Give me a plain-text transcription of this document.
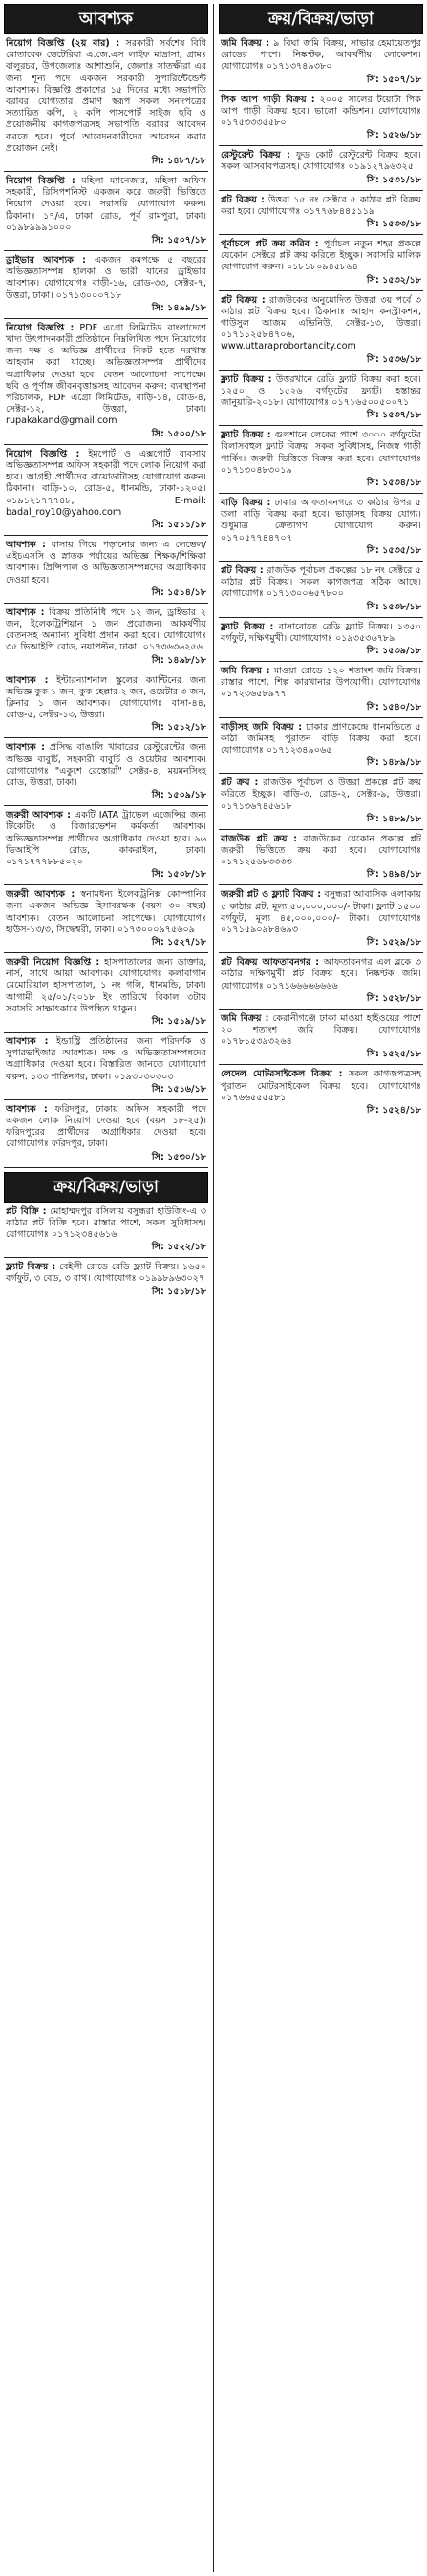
আবশ্যক
নিয়োগ বিজ্ঞপ্তি (২য় বার) : সরকারী সর্বশেষ বিধি মোতাবেক ভেটেরিয়া এ.জে.এস লাইফ মাদ্রাসা, গ্রামঃ বালুরচর, উপজেলাঃ আশাশুনি, জেলাঃ সাতক্ষীরা এর জন্য শূন্য পদে একজন সরকারী সুপারিন্টেন্ডেন্ট আবশ্যক। বিজ্ঞপ্তি প্রকাশের ১৫ দিনের মধ্যে সভাপতি বরাবর যোগ্যতার প্রমাণ স্বরূপ সকল সনদপত্রের সত্যায়িত কপি, ২ কপি পাসপোর্ট সাইজ ছবি ও প্রয়োজনীয় কাগজপত্রসহ সভাপতি বরাবর আবেদন করতে হবে। পূর্বে আবেদনকারীদের আবেদন করার প্রয়োজন নেই।
সি: ১৪৮৭/১৮
নিয়োগ বিজ্ঞপ্তি : মহিলা ম্যানেজার, মহিলা অফিস সহকারী, রিসিপশনিস্ট একজন করে জরুরী ভিত্তিতে নিয়োগ দেওয়া হবে। সরাসরি যোগাযোগ করুন। ঠিকানাঃ ১৭/এ, ঢাকা রোড, পূর্ব রামপুরা, ঢাকা। ০১৯৮৯৯৯১০০০
সি: ১৫০৭/১৮
ড্রাইভার আবশ্যক : একজন কমপক্ষে ৫ বছরের অভিজ্ঞতাসম্পন্ন হালকা ও ভারী যানের ড্রাইভার আবশ্যক। যোগাযোগঃ বাড়ী-১৬, রোড-৩৩, সেক্টর-৭, উত্তরা, ঢাকা। ০১৭১৩০০০৭১৮
সি: ১৪৯৯/১৮
নিয়োগ বিজ্ঞপ্তি : PDF এগ্রো লিমিটেড বাংলাদেশে খাদ্য উৎপাদনকারী প্রতিষ্ঠানে নিম্নলিখিত পদে নিয়োগের জন্য দক্ষ ও অভিজ্ঞ প্রার্থীদের নিকট হতে দরখাস্ত আহবান করা যাচ্ছে। অভিজ্ঞতাসম্পন্ন প্রার্থীদের অগ্রাধিকার দেওয়া হবে। বেতন আলোচনা সাপেক্ষে। ছবি ও পূর্ণাঙ্গ জীবনবৃত্তান্তসহ আবেদন করুন: ব্যবস্থাপনা পরিচালক, PDF এগ্রো লিমিটেড, বাড়ি-১৪, রোড-৪, সেক্টর-১২, উত্তরা, ঢাকা। rupakakand@gmail.com
সি: ১৫০০/১৮
নিয়োগ বিজ্ঞপ্তি : ইমপোর্ট ও এক্সপোর্ট ব্যবসায় অভিজ্ঞতাসম্পন্ন অফিস সহকারী পদে লোক নিয়োগ করা হবে। আগ্রহী প্রার্থীদের বায়োডাটাসহ যোগাযোগ করুন। ঠিকানাঃ বাড়ি-১০, রোড-৫, ধানমন্ডি, ঢাকা-১২০৫। ০১৯১২১৭৭৭৪৮, E-mail: badal_roy10@yahoo.com
সি: ১৫১১/১৮
আবশ্যক : বাসায় গিয়ে পড়ানোর জন্য এ লেভেল/এইচএসসি ও স্নাতক পর্যায়ের অভিজ্ঞ শিক্ষক/শিক্ষিকা আবশ্যক। প্রিন্সিপাল ও অভিজ্ঞতাসম্পন্নদের অগ্রাধিকার দেওয়া হবে।
সি: ১৫১৪/১৮
আবশ্যক : বিক্রয় প্রতিনিধি পদে ১২ জন, ড্রাইভার ২ জন, ইলেকট্রিশিয়ান ১ জন প্রয়োজন। আকর্ষণীয় বেতনসহ অন্যান্য সুবিধা প্রদান করা হবে। যোগাযোগঃ ৩৫ ভিআইপি রোড, নয়াপল্টন, ঢাকা। ০১৭৩৬৩৬২৫৬
সি: ১৪৯৮/১৮
আবশ্যক : ইন্টারন্যাশনাল স্কুলের ক্যান্টিনের জন্য অভিজ্ঞ কুক ১ জন, কুক হেল্পার ২ জন, ওয়েটার ৩ জন, ক্লিনার ১ জন আবশ্যক। যোগাযোগঃ বাসা-৪৪, রোড-৫, সেক্টর-১৩, উত্তরা।
সি: ১৫১২/১৮
আবশ্যক : প্রসিদ্ধ বাঙালি খাবারের রেস্টুরেন্টের জন্য অভিজ্ঞ বাবুর্চি, সহকারী বাবুর্চি ও ওয়েটার আবশ্যক। যোগাযোগঃ "একুশে রেস্তোরাঁ" সেক্টর-৪, ময়মনসিংহ রোড, উত্তরা, ঢাকা।
সি: ১৫০৯/১৮
জরুরী আবশ্যক : একটি IATA ট্রাভেল এজেন্সির জন্য টিকেটিং ও রিজারভেশন কর্মকর্তা আবশ্যক। অভিজ্ঞতাসম্পন্ন প্রার্থীদের অগ্রাধিকার দেওয়া হবে। ৯৬ ভিআইপি রোড, কাকরাইল, ঢাকা। ০১৭১৭৭৭৮৮৫০২০
সি: ১৫০৮/১৮
জরুরী আবশ্যক : স্বনামধন্য ইলেকট্রনিক্স কোম্পানির জন্য একজন অভিজ্ঞ হিসাবরক্ষক (বয়স ৩০ বছর) আবশ্যক। বেতন আলোচনা সাপেক্ষে। যোগাযোগঃ হাউস-১৩/৩, সিদ্ধেশ্বরী, ঢাকা। ০১৭৩০০০৯৭৫৬০৯
সি: ১৫২৭/১৮
জরুরী নিয়োগ বিজ্ঞপ্তি : হাসপাতালের জন্য ডাক্তার, নার্স, সাথে আয়া আবশ্যক। যোগাযোগঃ কলাবাগান মেমোরিয়াল হাসপাতাল, ১ নং গলি, ধানমন্ডি, ঢাকা। আগামী ২৫/০১/২০১৮ ইং তারিখে বিকাল ৩টায় সরাসরি সাক্ষাৎকারে উপস্থিত থাকুন।
সি: ১৫১৯/১৮
আবশ্যক : ইন্ডাস্ট্রি প্রতিষ্ঠানের জন্য পরিদর্শক ও সুপারভাইজার আবশ্যক। দক্ষ ও অভিজ্ঞতাসম্পন্নদের অগ্রাধিকার দেওয়া হবে। বিস্তারিত জানতে যোগাযোগ করুন: ১৩৩ শান্তিনগর, ঢাকা। ০১৯৩০৩০৩০৩
সি: ১৫১৬/১৮
আবশ্যক : ফরিদপুর, ঢাকায় অফিস সহকারী পদে একজন লোক নিয়োগ দেওয়া হবে (বয়স ১৮-২৫)। ফরিদপুরের প্রার্থীদের অগ্রাধিকার দেওয়া হবে। যোগাযোগঃ ফরিদপুর, ঢাকা।
সি: ১৫৩০/১৮
ক্রয়/বিক্রয়/ভাড়া
প্লট বিক্রি : মোহাম্মদপুর বসিলায় বসুন্ধরা হাউজিং-এ ৩ কাঠার প্লট বিক্রি হবে। রাস্তার পাশে, সকল সুবিধাসহ। যোগাযোগঃ ০১৭১২৩৪৫৬১৬
সি: ১৫২২/১৮
ফ্ল্যাট বিক্রয় : বেইলী রোডে রেডি ফ্ল্যাট বিক্রয়। ১৬৫০ বর্গফুট, ৩ বেড, ৩ বাথ। যোগাযোগঃ ০১৯৯৮৯৬৩০২৭
সি: ১৫১৮/১৮
ক্রয়/বিক্রয়/ভাড়া
জমি বিক্রয় : ৯ বিঘা জমি বিক্রয়, সাভার হেমায়েতপুর রোডের পাশে। নিষ্কণ্টক, আকর্ষণীয় লোকেশন। যোগাযোগঃ ০১৭১৩৭৪৯৩৮০
সি: ১৫০৭/১৮
পিক আপ গাড়ী বিক্রয় : ২০০৫ সালের টয়োটা পিক আপ গাড়ী বিক্রয় হবে। ভালো কন্ডিশন। যোগাযোগঃ ০১৭৫৩৩৩৫৫৮০
সি: ১৫২৬/১৮
রেস্টুরেন্ট বিক্রয় : ফুড কোর্ট রেস্টুরেন্ট বিক্রয় হবে। সকল আসবাবপত্রসহ। যোগাযোগঃ ০১৯১২৭৯৬৩২৫
সি: ১৫৩১/১৮
প্লট বিক্রয় : উত্তরা ১৫ নং সেক্টরে ৫ কাঠার প্লট বিক্রয় করা হবে। যোগাযোগঃ ০১৭৭৬৮৪৪৫১১৯
সি: ১৫৩৩/১৮
পূর্বাচলে প্লট ক্রয় করিব : পূর্বাচল নতুন শহর প্রকল্পে যেকোন সেক্টরে প্লট ক্রয় করিতে ইচ্ছুক। সরাসরি মালিক যোগাযোগ করুন। ০১৮১৮০৯৪৫৮৬৪
সি: ১৫৩২/১৮
প্লট বিক্রয় : রাজউকের অনুমোদিত উত্তরা ৩য় পর্বে ৩ কাঠার প্লট বিক্রয় হবে। ঠিকানাঃ আহাদ কনস্ট্রাকশন, গাউসুল আজম এভিনিউ, সেক্টর-১৩, উত্তরা। ০১৭১১২৫৮৪৭০৬, www.uttaraprobortancity.com
সি: ১৫৩৬/১৮
ফ্ল্যাট বিক্রয় : উত্তরখানে রেডি ফ্ল্যাট বিক্রয় করা হবে। ১২৫০ ও ১৫২৬ বর্গফুটের ফ্ল্যাট। হস্তান্তর জানুয়ারি-২০১৮। যোগাযোগঃ ০১৭১৬৫০০৫০০৭১
সি: ১৫৩৭/১৮
ফ্ল্যাট বিক্রয় : গুলশানে লেকের পাশে ৩০০০ বর্গফুটের বিলাসবহুল ফ্ল্যাট বিক্রয়। সকল সুবিধাসহ, নিজস্ব গাড়ী পার্কিং। জরুরী ভিত্তিতে বিক্রয় করা হবে। যোগাযোগঃ ০১৭১৩০৪৮৩০১৯
সি: ১৫৩৪/১৮
বাড়ি বিক্রয় : ঢাকার আফতাবনগরে ৩ কাঠার উপর ৫ তলা বাড়ি বিক্রয় করা হবে। ভাড়াসহ বিক্রয় যোগ্য। শুধুমাত্র ক্রেতাগণ যোগাযোগ করুন। ০১৭০৫৭৭৪৪৭০৭
সি: ১৫৩৫/১৮
প্লট বিক্রয় : রাজউক পূর্বাচল প্রকল্পের ১৮ নং সেক্টরে ৫ কাঠার প্লট বিক্রয়। সকল কাগজপত্র সঠিক আছে। যোগাযোগঃ ০১৭১৩০০৬৫৭৮০০
সি: ১৫৩৮/১৮
ফ্ল্যাট বিক্রয় : বাসাবোতে রেডি ফ্ল্যাট বিক্রয়। ১৩৫০ বর্গফুট, দক্ষিণমুখী। যোগাযোগঃ ০১৯৩৫৩৬৭৮৯
সি: ১৫৩৯/১৮
জমি বিক্রয় : মাওয়া রোডে ১২০ শতাংশ জমি বিক্রয়। রাস্তার পাশে, শিল্প কারখানার উপযোগী। যোগাযোগঃ ০১৭২৩৬৫৮৯৭৭
সি: ১৫৪০/১৮
বাড়ীসহ জমি বিক্রয় : ঢাকার প্রাণকেন্দ্রে ধানমন্ডিতে ৫ কাঠা জমিসহ পুরাতন বাড়ি বিক্রয় করা হবে। যোগাযোগঃ ০১৭১২৩৪৯০৬৫
সি: ১৪৮৯/১৮
প্লট ক্রয় : রাজউক পূর্বাচল ও উত্তরা প্রকল্পে প্লট ক্রয় করিতে ইচ্ছুক। বাড়ি-৩, রোড-২, সেক্টর-৯, উত্তরা। ০১৭১৩৬৭৪৫৬১৮
সি: ১৪৮৯/১৮
রাজউক প্লট ক্রয় : রাজউকের যেকোন প্রকল্পে প্লট জরুরী ভিত্তিতে ক্রয় করা হবে। যোগাযোগঃ ০১৭১২৫৬৮৩৩৩৩
সি: ১৪৯৪/১৮
জরুরী প্লট ও ফ্ল্যাট বিক্রয় : বসুন্ধরা আবাসিক এলাকায় ৫ কাঠার প্লট, মূল্য ৫০,০০০,০০০/- টাকা। ফ্ল্যাট ১৫০০ বর্গফুট, মূল্য ৪৫,০০০,০০০/- টাকা। যোগাযোগঃ ০১৭১৫৯০৯৮৪৬৯৩
সি: ১৫২৯/১৮
প্লট বিক্রয় আফতাবনগর : আফতাবনগর এল ব্লকে ৩ কাঠার দক্ষিণমুখী প্লট বিক্রয় হবে। নিষ্কণ্টক জমি। যোগাযোগঃ ০১৭১৬৬৬৬৬৬৬৬
সি: ১৫২৮/১৮
জমি বিক্রয় : কেরানীগঞ্জে ঢাকা মাওয়া হাইওয়ের পাশে ২০ শতাংশ জমি বিক্রয়। যোগাযোগঃ ০১৭৮১৫৩৯৩২৬৪
সি: ১৫২৫/১৮
লেদেল মোটরসাইকেল বিক্রয় : সকল কাগজপত্রসহ পুরাতন মোটরসাইকেল বিক্রয় হবে। যোগাযোগঃ ০১৭৬৬৫৫৫৫৮১
সি: ১৫২৪/১৮
